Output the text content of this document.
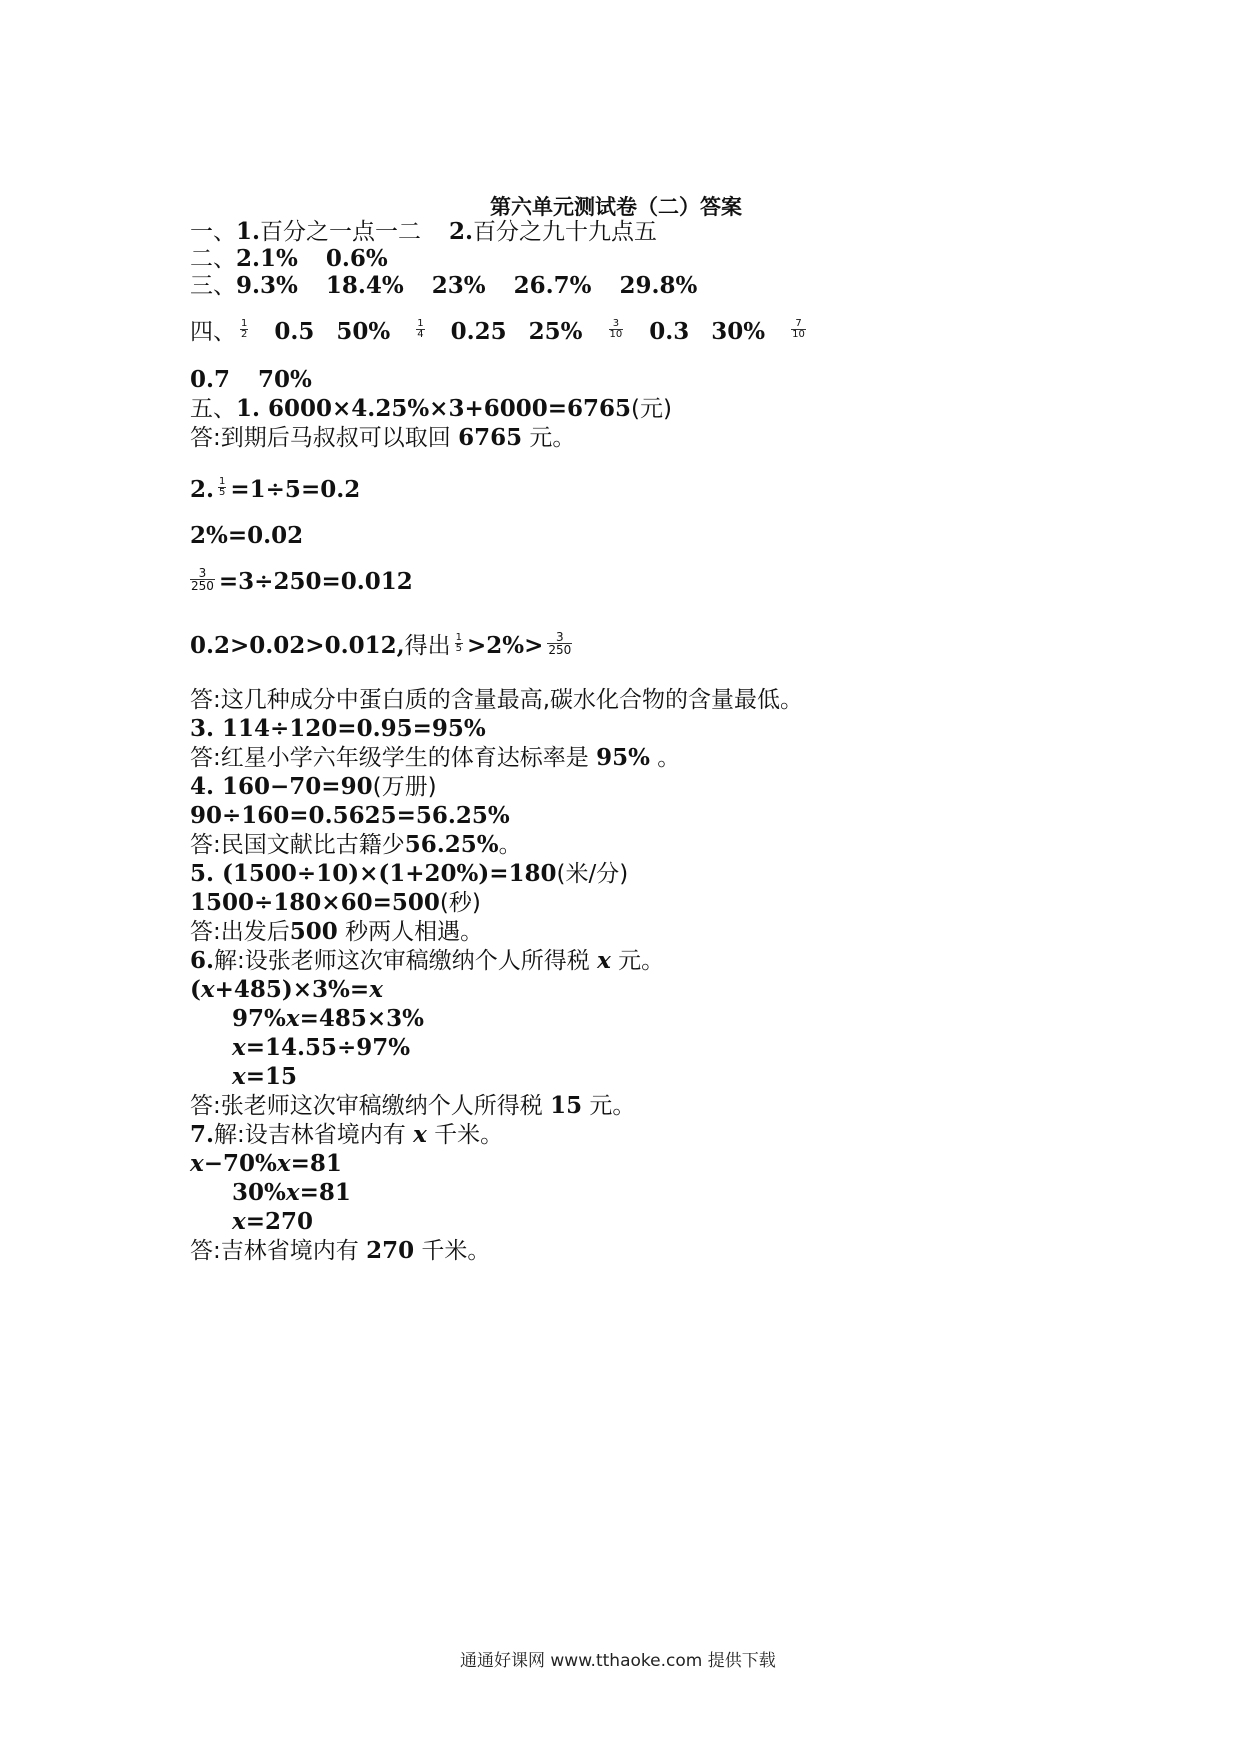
第六单元测试卷（二）答案
一、1.百分之一点一二 2.百分之九十九点五
二、2.1% 0.6%
三、9.3% 18.4% 23% 26.7% 29.8%
四、 $\frac{1}{2} 0.5$ 50%	$\frac{1}{4} 0.25$ 25%	$\frac{3}{10} 0.3$ 30%	$\frac{7}{10}$
0.7 70%
五、1. 6000×4.25%×3+6000=6765(元)
答:到期后马叔叔可以取回 6765 元。
2. $\frac{1}{5} =1\div 5=0.2$
2%=0.02
$\frac{3}{250} =3\div 250=0.012$
0.2>0.02>0.012,得出 $\frac{1}{5} >2\%> \frac{3}{250}$
答:这几种成分中蛋白质的含量最高,碳水化合物的含量最低。
3. 114÷120=0.95=95%
答:红星小学六年级学生的体育达标率是 95% 。
4. 160−70=90(万册)
90÷160=0.5625=56.25%
答:民国文献比古籍少56.25%。
5. (1500÷10)×(1+20%)=180(米/分)
1500÷180×60=500(秒)
答:出发后500 秒两人相遇。
6.解:设张老师这次审稿缴纳个人所得税 x 元。
(x+485)×3%=x
97%x=485×3%
x=14.55÷97%
x=15
答:张老师这次审稿缴纳个人所得税 15 元。
7.解:设吉林省境内有 x 千米。
x−70%x=81
30%x=81
x=270
答:吉林省境内有 270 千米。
通通好课网 www.tthaoke.com 提供下载
